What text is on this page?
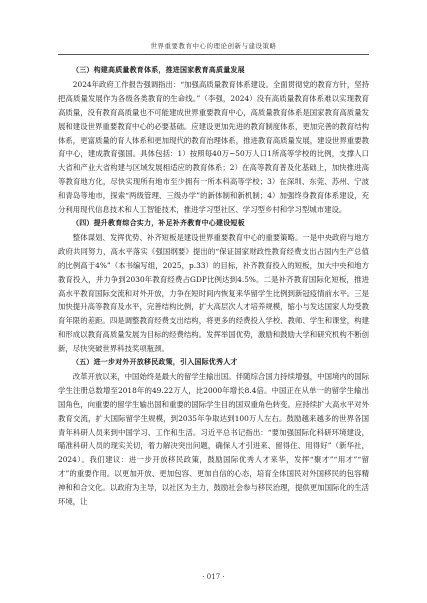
世界重要教育中心的理论创新与建设策略

（三）构建高质量教育体系，推进国家教育高质量发展

2024年政府工作报告强调指出：“加强高质量教育体系建设。全面贯彻党的教育方针，坚持把高质量发展作为各级各类教育的生命线。”（李强，2024）没有高质量教育体系难以实现教育高质量，没有教育高质量也不可能建成世界重要教育中心，高质量教育体系是国家教育高质量发展和建设世界重要教育中心的必要基础。应建设更加先进的教育制度体系，更加完善的教育结构体系，更富质量的育人体系和更加现代的教育治理体系，推进教育高质量发展，建设世界重要教育中心，建成教育强国。具体包括：1）按照每40万~50万人口1所高等学校的比例，支撑人口大省和产业大省构建与区域发展相适应的教育体系；2）在高等教育普及化基础上，加快推进高等教育地方化，尽快实现所有地市至少拥有一所本科高等学校；3）在深圳、东莞、苏州、宁波和青岛等地市，探索“两级管理、三级办学”的新体制和新机制；4）加强终身教育体系建设，充分利用现代信息技术和人工智能技术，推进学习型社区、学习型乡村和学习型城市建设。

（四）提升教育综合实力，补足补齐教育中心建设短板

整体谋划、发挥优势、补齐短板是建设世界重要教育中心的重要策略。一是中央政府与地方政府共同努力，高水平落实《强国纲要》提出的“保证国家财政性教育经费支出占国内生产总值的比例高于4%”（本书编写组，2025，p.33）的目标，补齐教育投入的短板，加大中央和地方教育投入，并力争到2030年教育经费占GDP比例达到4.5%。二是补齐教育国际化短板，推进高水平教育国际交流和对外开放，力争在短时间内恢复来华留学生比例到新冠疫情前水平。三是加快提升高等教育及水平，完善结构比例，扩大高层次人才培养规模，缩小与发达国家人均受教育年限的差距。四是调整教育经费支出结构，将更多的经费投入学校、教师、学生和课堂，构建和形成以教育高质量发展为目标的经费结构。发挥举国优势，激励和鼓励大学和研究机构不断创新，尽快突破世界科技奖项瓶颈。

（五）进一步对外开放移民政策，引入国际优秀人才

改革开放以来，中国始终是最大的留学生输出国。伴随综合国力持续增强，中国境内的国际学生注册总数增至2018年的49.22万人，比2000年增长8.4倍。中国正在从单一的留学生输出国角色，向重要的留学生输出国和重要的国际学生目的国双重角色转变。应持续扩大高水平对外教育交流，扩大国际留学生规模，到2035年争取达到100万人左右。鼓励越来越多的世界各国青年科研人员来到中国学习、工作和生活。习近平总书记指出：“要加强国际化科研环境建设，瞄准科研人员的现实关切，着力解决突出问题，确保人才引进来、留得住、用得好”（新华社，2024）。我们建议：进一步开放移民政策，鼓励国际优秀人才来华，发挥“聚才”“用才”“留才”的重要作用。以更加开放、更加包容、更加自信的心态，培育全体国民对外国移民的包容精神和和合文化。以政府为主导，以社区为主力，鼓励社会参与移民治理，提供更加国际化的生活环境，让

· 017 ·
